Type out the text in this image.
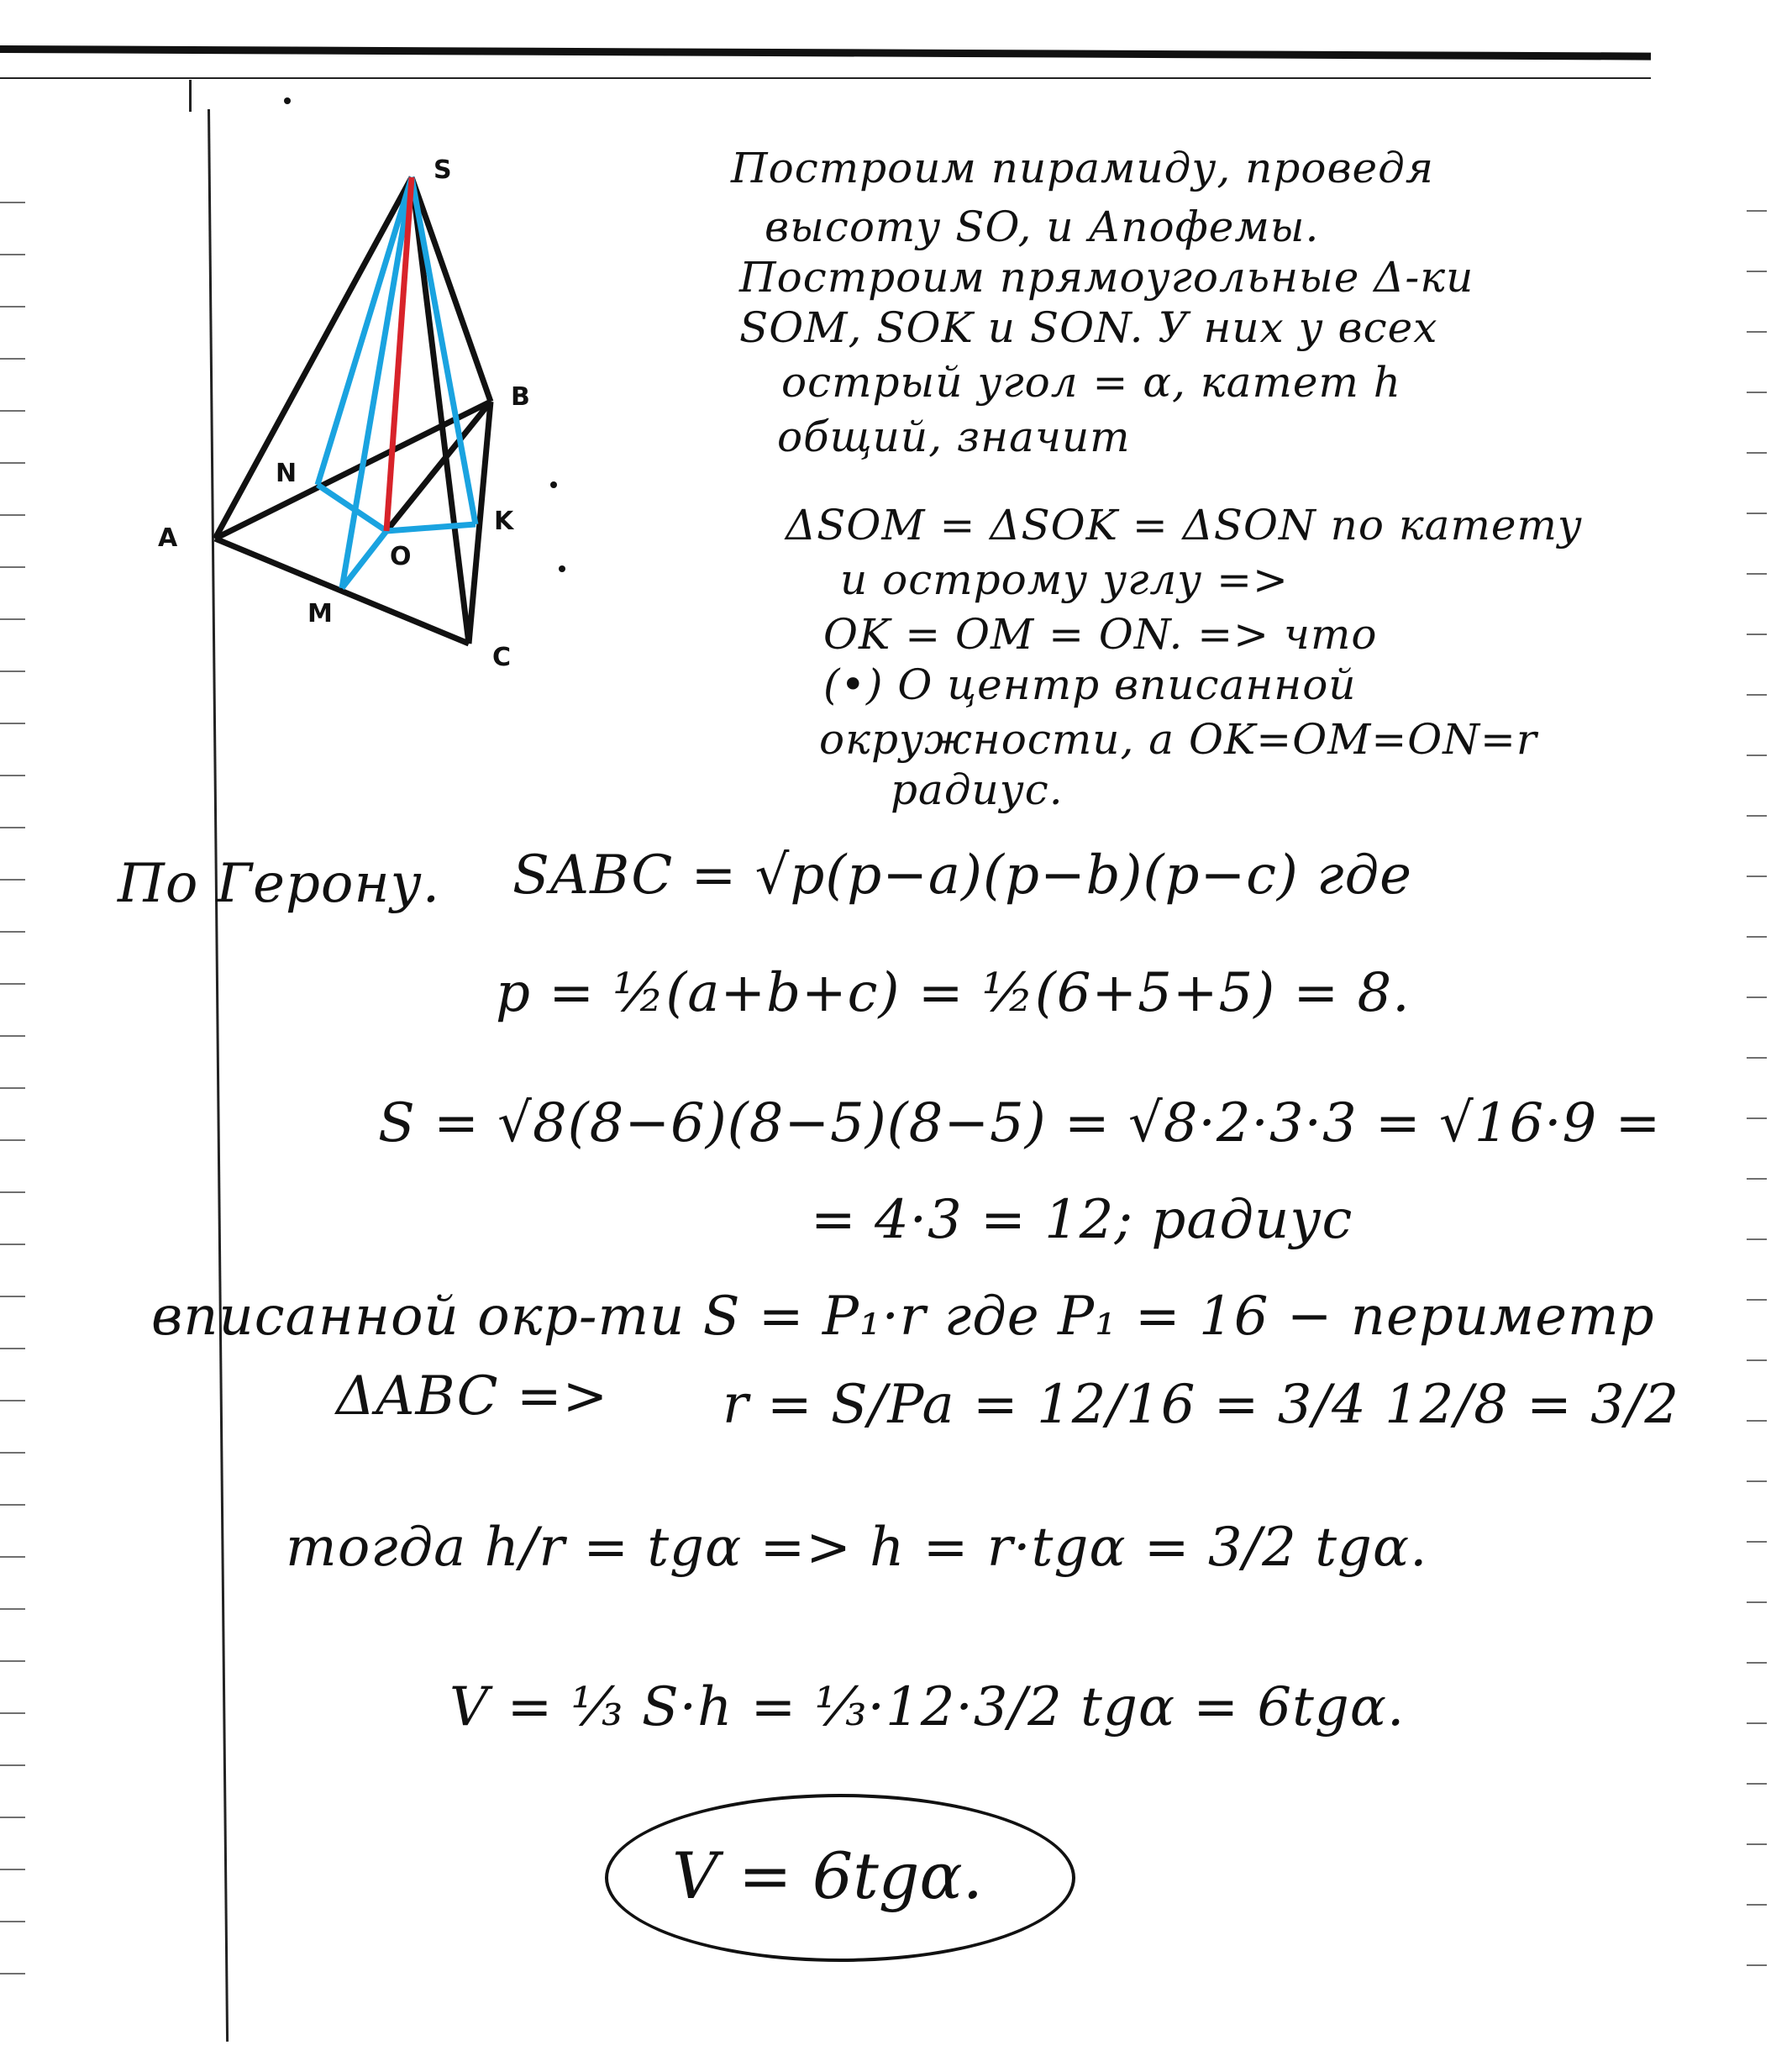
S
B
A
N
O
K
M
C
Построим пирамиду, проведя
высоту SO, и Апофемы.
Построим прямоугольные Δ-ки
SOM, SOK и SON. У них у всех
острый угол = α, катет h
общий, значит
ΔSOM = ΔSOK = ΔSON по катету
и острому углу =>
OK = OM = ON. => что
(•) O центр вписанной
окружности, а OK=OM=ON=r
радиус.
По Герону. SABC = √p(p−a)(p−b)(p−c) где
p = ½(a+b+c) = ½(6+5+5) = 8.
S = √8(8−6)(8−5)(8−5) = √8·2·3·3 = √16·9 =
= 4·3 = 12; радиус
вписанной окр-ти S = P₁·r где P₁ = 16 − периметр
ΔABC => r = S/Pa = 12/16 = 3/4 12/8 = 3/2
тогда h/r = tgα => h = r·tgα = 3/2 tgα.
V = ⅓ S·h = ⅓·12·3/2 tgα = 6tgα.
V = 6tgα.
